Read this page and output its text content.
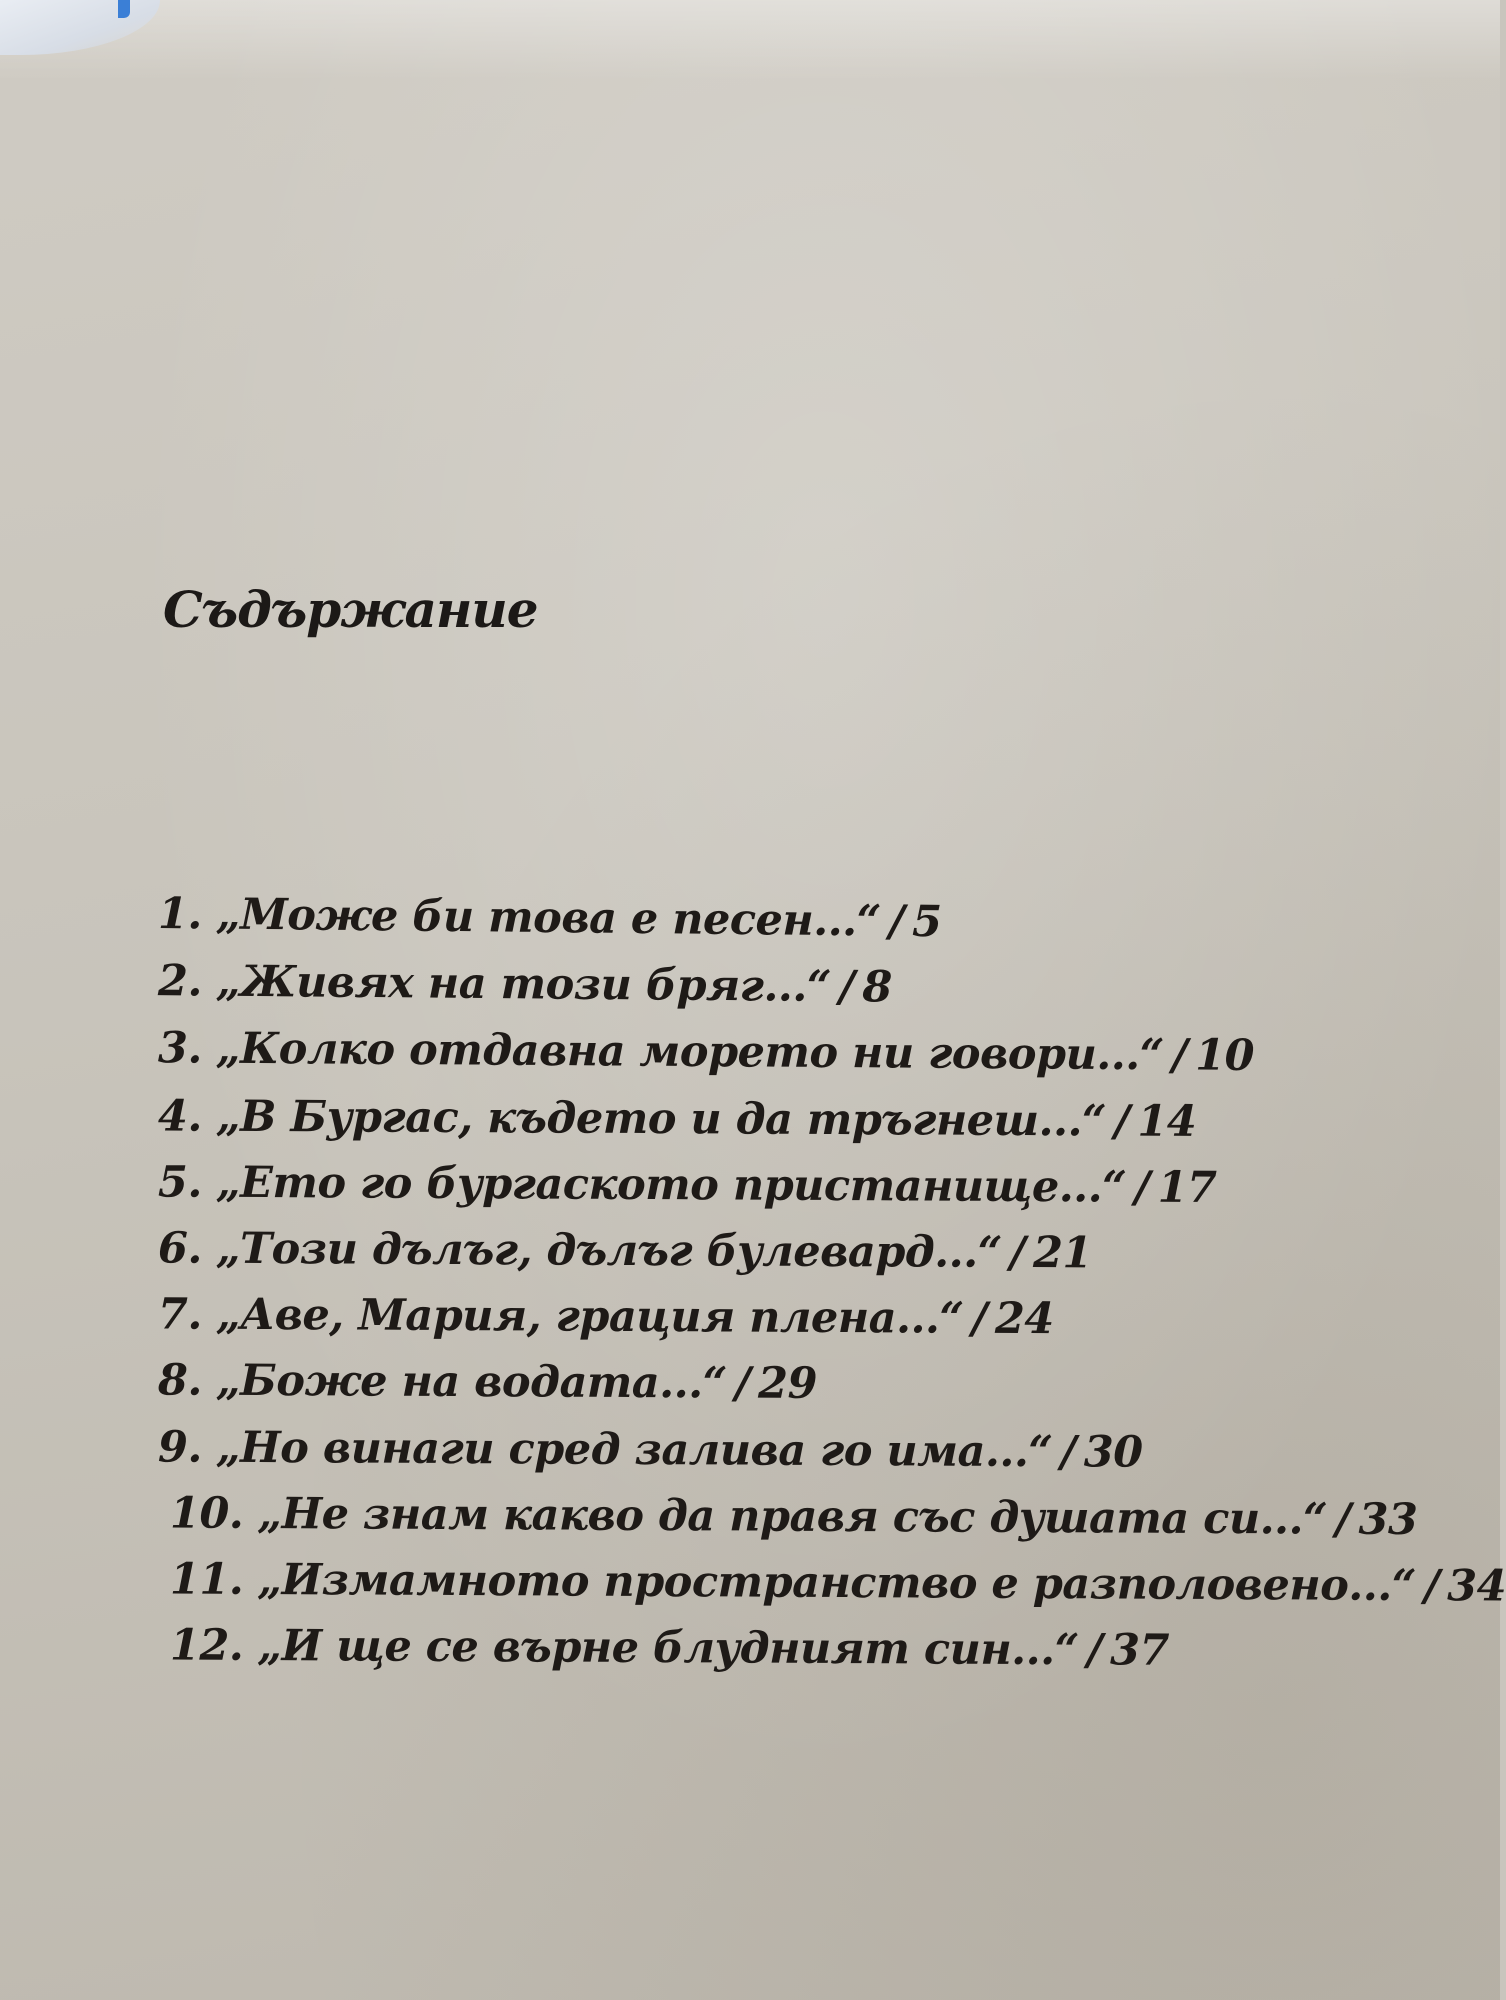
Съдържание
1. „Може би това е песен...“ / 5
2. „Живях на този бряг...“ / 8
3. „Колко отдавна морето ни говори...“ / 10
4. „В Бургас, където и да тръгнеш...“ / 14
5. „Ето го бургаското пристанище...“ / 17
6. „Този дълъг, дълъг булевард...“ / 21
7. „Аве, Мария, грация плена...“ / 24
8. „Боже на водата...“ / 29
9. „Но винаги сред залива го има...“ / 30
10. „Не знам какво да правя със душата си...“ / 33
11. „Измамното пространство е разполовено...“ / 34
12. „И ще се върне блудният син...“ / 37
